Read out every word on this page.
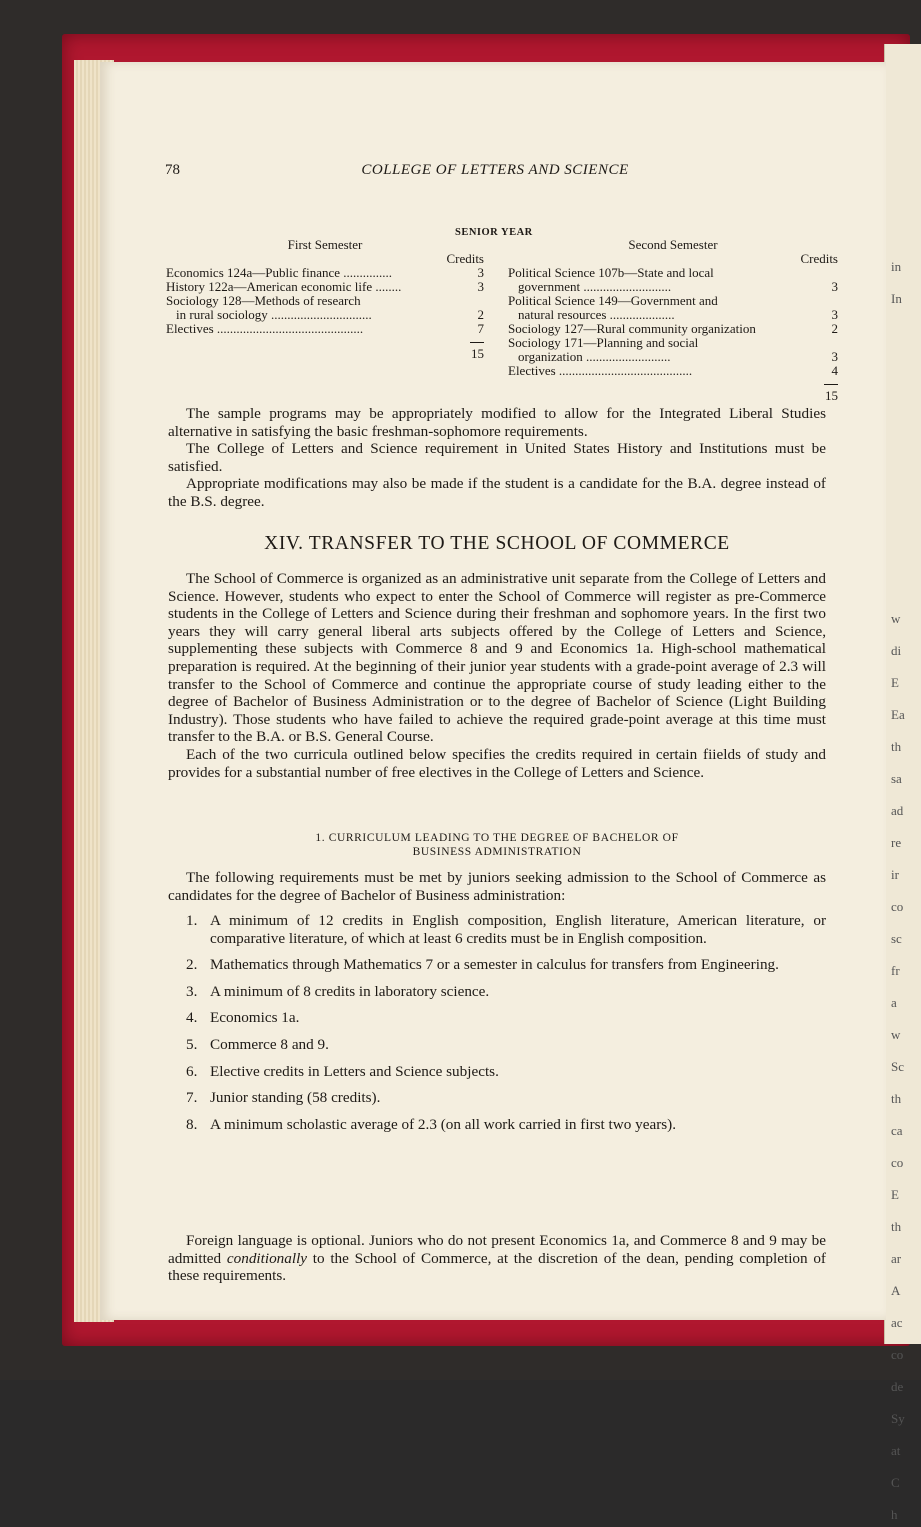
in
In
w
di
E
Ea
th
sa
ad
re
ir
co
sc
fr
a
w
Sc
th
ca
co
E
th
ar
A
ac
co
de
Sy
at
C
h
78	COLLEGE OF LETTERS AND SCIENCE
SENIOR YEAR
First Semester
Credits
Economics 124a—Public finance ...............	3
History 122a—American economic life ........	3
Sociology 128—Methods of research
in rural sociology ...............................	2
Electives .............................................	7
15
Second Semester
Credits
Political Science 107b—State and local
government ...........................	3
Political Science 149—Government and
natural resources ....................	3
Sociology 127—Rural community organization	2
Sociology 171—Planning and social
organization ..........................	3
Electives .........................................	4
15

The sample programs may be appropriately modified to allow for the Integrated Liberal Studies alternative in satisfying the basic freshman-sophomore requirements.

The College of Letters and Science requirement in United States History and Institutions must be satisfied.

Appropriate modifications may also be made if the student is a candidate for the B.A. degree instead of the B.S. degree.

XIV. TRANSFER TO THE SCHOOL OF COMMERCE

The School of Commerce is organized as an administrative unit separate from the College of Letters and Science. However, students who expect to enter the School of Commerce will register as pre-Commerce students in the College of Letters and Science during their freshman and sophomore years. In the first two years they will carry general liberal arts subjects offered by the College of Letters and Science, supplementing these subjects with Commerce 8 and 9 and Economics 1a. High-school mathematical preparation is required. At the beginning of their junior year students with a grade-point average of 2.3 will transfer to the School of Commerce and continue the appropriate course of study leading either to the degree of Bachelor of Business Administration or to the degree of Bachelor of Science (Light Building Industry). Those students who have failed to achieve the required grade-point average at this time must transfer to the B.A. or B.S. General Course.

Each of the two curricula outlined below specifies the credits required in certain fiields of study and provides for a substantial number of free electives in the College of Letters and Science.

1. CURRICULUM LEADING TO THE DEGREE OF BACHELOR OF
BUSINESS ADMINISTRATION

The following requirements must be met by juniors seeking admission to the School of Commerce as candidates for the degree of Bachelor of Business administration:

1. A minimum of 12 credits in English composition, English literature, American literature, or comparative literature, of which at least 6 credits must be in English composition.
2. Mathematics through Mathematics 7 or a semester in calculus for transfers from Engineering.
3. A minimum of 8 credits in laboratory science.
4. Economics 1a.
5. Commerce 8 and 9.
6. Elective credits in Letters and Science subjects.
7. Junior standing (58 credits).
8. A minimum scholastic average of 2.3 (on all work carried in first two years).

Foreign language is optional. Juniors who do not present Economics 1a, and Commerce 8 and 9 may be admitted conditionally to the School of Commerce, at the discretion of the dean, pending completion of these requirements.
